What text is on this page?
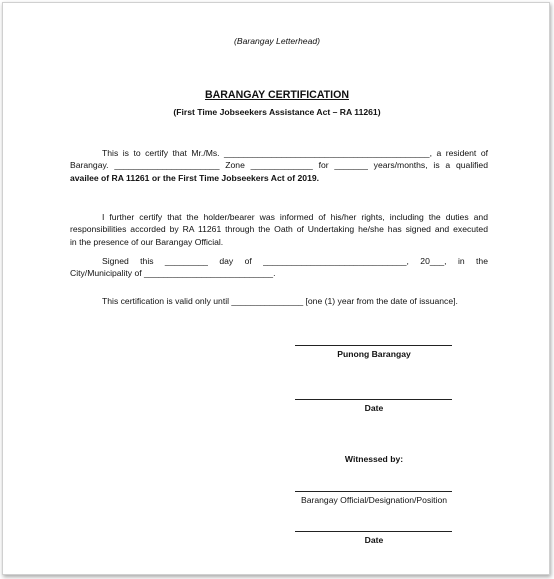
(Barangay Letterhead)

BARANGAY CERTIFICATION

(First Time Jobseekers Assistance Act – RA 11261)

This is to certify that Mr./Ms. ___________________________________________, a resident of
Barangay. ______________________ Zone _____________ for _______ years/months, is a qualified
availee of RA 11261 or the First Time Jobseekers Act of 2019.
I further certify that the holder/bearer was informed of his/her rights, including the duties and
responsibilities accorded by RA 11261 through the Oath of Undertaking he/she has signed and executed
in the presence of our Barangay Official.
Signed this _________ day of ______________________________, 20___, in the
City/Municipality of ___________________________.
This certification is valid only until _______________ [one (1) year from the date of issuance].
Punong Barangay
Date
Witnessed by:
Barangay Official/Designation/Position
Date
